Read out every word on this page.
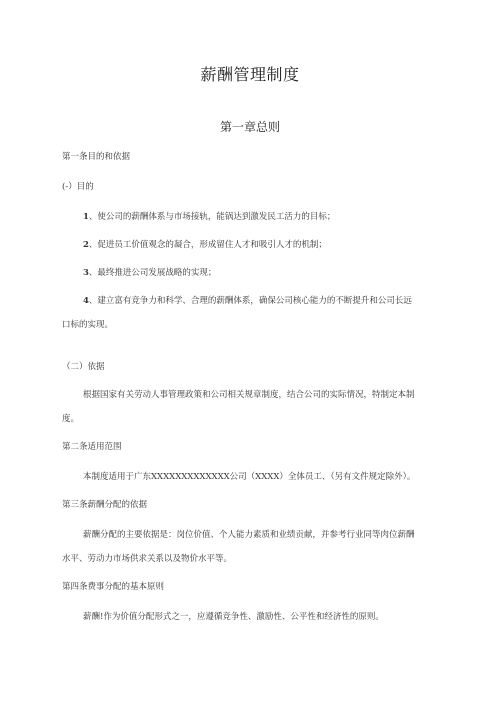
薪酬管理制度
第一章总则
第一条目的和依据
(-）目的
1、使公司的薪酬体系与市场接轨，能锅达到激发民工活力的目标；
2、促进员工价值观念的凝合，形成留住人才和吸引人才的机制；
3、最终推进公司发展战略的实现；
4、建立富有竞争力和科学、合理的薪酬体系，确保公司核心能力的不断提升和公司长远
口标的实现。
（二）依据
根据国家有关劳动人事管理政策和公司相关规章制度，结合公司的实际情况，特制定本制
度。
第二条适用范围
本制度适用于广东XXXXXXXXXXXXX公司（XXXX）全体员工、（另有文件规定除外）。
第三条薪酬分配的依据
薪酬分配的主要依据是：岗位价值、个人能力素质和业绩贡献，并参考行业同等肉位薪酬
水平、劳动力市场供求关系以及物价水平等。
第四条费事分配的基本原则
薪酬!作为价值分配形式之一，应遵循竞争性、激励性、公平性和经济性的原则。
